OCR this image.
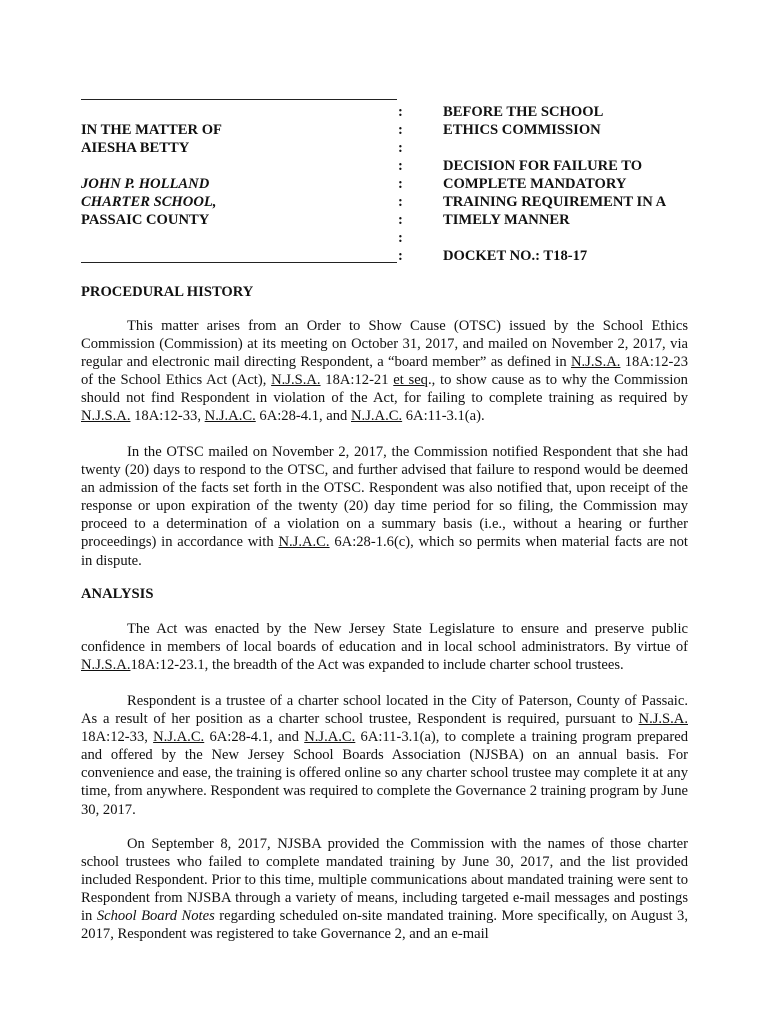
:
:
:
:
:
:
:
:
:
IN THE MATTER OF
AIESHA BETTY
JOHN P. HOLLAND
CHARTER SCHOOL,
PASSAIC COUNTY
BEFORE THE SCHOOL
ETHICS COMMISSION
DECISION FOR FAILURE TO
COMPLETE MANDATORY
TRAINING REQUIREMENT IN A
TIMELY MANNER
DOCKET NO.: T18-17
PROCEDURAL HISTORY

This matter arises from an Order to Show Cause (OTSC) issued by the School Ethics Commission (Commission) at its meeting on October 31, 2017, and mailed on November 2, 2017, via regular and electronic mail directing Respondent, a “board member” as defined in N.J.S.A. 18A:12-23 of the School Ethics Act (Act), N.J.S.A. 18A:12-21 et seq., to show cause as to why the Commission should not find Respondent in violation of the Act, for failing to complete training as required by N.J.S.A. 18A:12-33, N.J.A.C. 6A:28-4.1, and N.J.A.C. 6A:11-3.1(a).

In the OTSC mailed on November 2, 2017, the Commission notified Respondent that she had twenty (20) days to respond to the OTSC, and further advised that failure to respond would be deemed an admission of the facts set forth in the OTSC. Respondent was also notified that, upon receipt of the response or upon expiration of the twenty (20) day time period for so filing, the Commission may proceed to a determination of a violation on a summary basis (i.e., without a hearing or further proceedings) in accordance with N.J.A.C. 6A:28-1.6(c), which so permits when material facts are not in dispute.

ANALYSIS

The Act was enacted by the New Jersey State Legislature to ensure and preserve public confidence in members of local boards of education and in local school administrators. By virtue of N.J.S.A.18A:12-23.1, the breadth of the Act was expanded to include charter school trustees.

Respondent is a trustee of a charter school located in the City of Paterson, County of Passaic. As a result of her position as a charter school trustee, Respondent is required, pursuant to N.J.S.A. 18A:12-33, N.J.A.C. 6A:28-4.1, and N.J.A.C. 6A:11-3.1(a), to complete a training program prepared and offered by the New Jersey School Boards Association (NJSBA) on an annual basis. For convenience and ease, the training is offered online so any charter school trustee may complete it at any time, from anywhere. Respondent was required to complete the Governance 2 training program by June 30, 2017.

On September 8, 2017, NJSBA provided the Commission with the names of those charter school trustees who failed to complete mandated training by June 30, 2017, and the list provided included Respondent. Prior to this time, multiple communications about mandated training were sent to Respondent from NJSBA through a variety of means, including targeted e-mail messages and postings in School Board Notes regarding scheduled on-site mandated training. More specifically, on August 3, 2017, Respondent was registered to take Governance 2, and an e-mail
